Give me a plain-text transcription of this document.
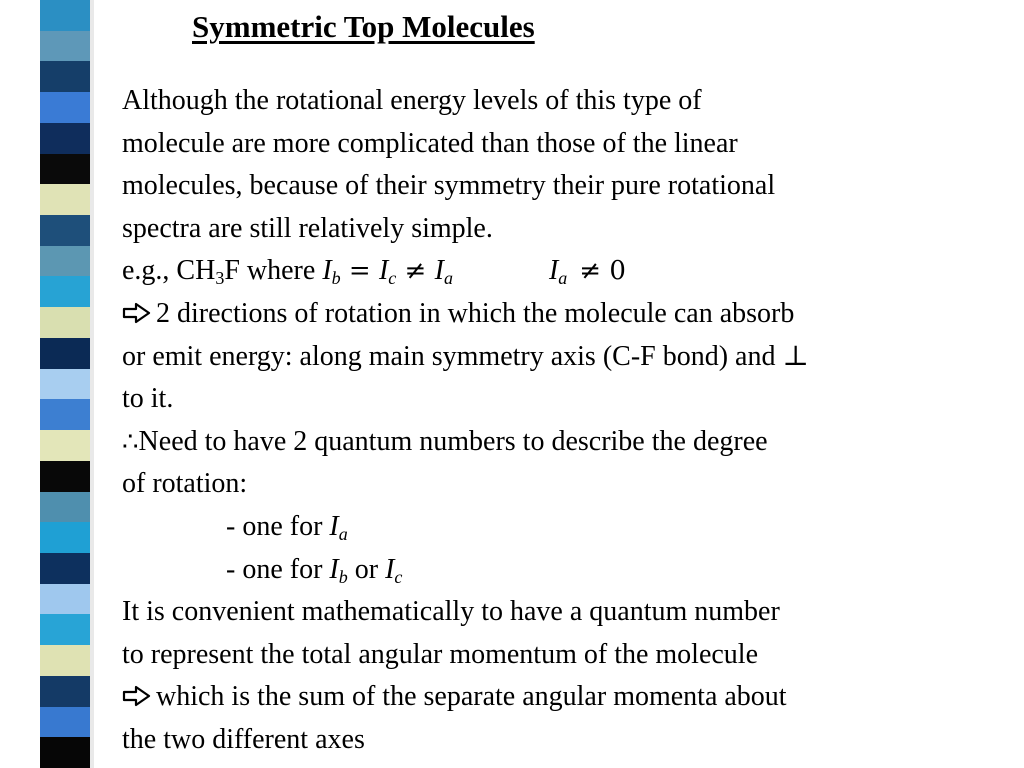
Symmetric Top Molecules
Although the rotational energy levels of this type of
molecule are more complicated than those of the linear
molecules, because of their symmetry their pure rotational
spectra are still relatively simple.
e.g., $CH_3F$ where $I_b = I_c \ne I_a$	$I_a \ne 0$
2 directions of rotation in which the molecule can absorb
or emit energy: along main symmetry axis (C-F bond) and ⊥
to it.
∴Need to have 2 quantum numbers to describe the degree
of rotation:
- one for $I_a$
- one for $I_b$ or $I_c$
It is convenient mathematically to have a quantum number
to represent the total angular momentum of the molecule
which is the sum of the separate angular momenta about
the two different axes
